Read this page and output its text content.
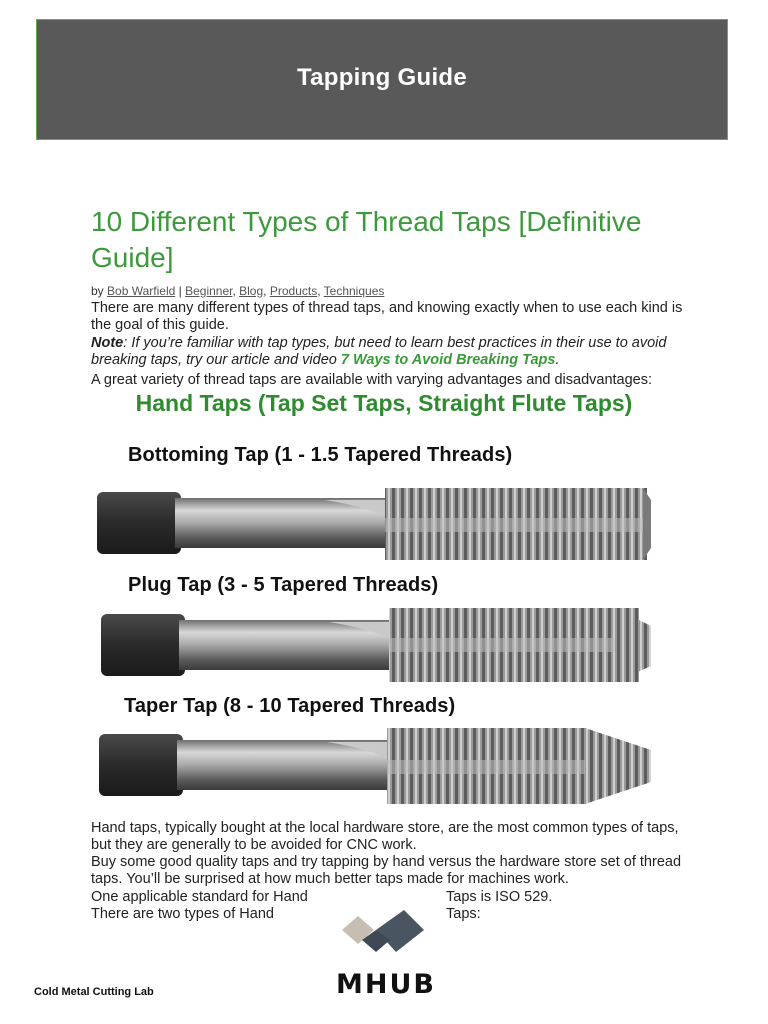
Tapping Guide
10 Different Types of Thread Taps [Definitive Guide]
by Bob Warfield | Beginner, Blog, Products, Techniques
There are many different types of thread taps, and knowing exactly when to use each kind is the goal of this guide.
Note: If you’re familiar with tap types, but need to learn best practices in their use to avoid breaking taps, try our article and video 7 Ways to Avoid Breaking Taps.
A great variety of thread taps are available with varying advantages and disadvantages:
Hand Taps (Tap Set Taps, Straight Flute Taps)
Bottoming Tap (1 - 1.5 Tapered Threads)
Plug Tap (3 - 5 Tapered Threads)
Taper Tap (8 - 10 Tapered Threads)
Hand taps, typically bought at the local hardware store, are the most common types of taps, but they are generally to be avoided for CNC work.
Buy some good quality taps and try tapping by hand versus the hardware store set of thread taps. You’ll be surprised at how much better taps made for machines work.
One applicable standard for Hand	Taps is ISO 529.
There are two types of Hand	Taps:
MHUB
Cold Metal Cutting Lab
